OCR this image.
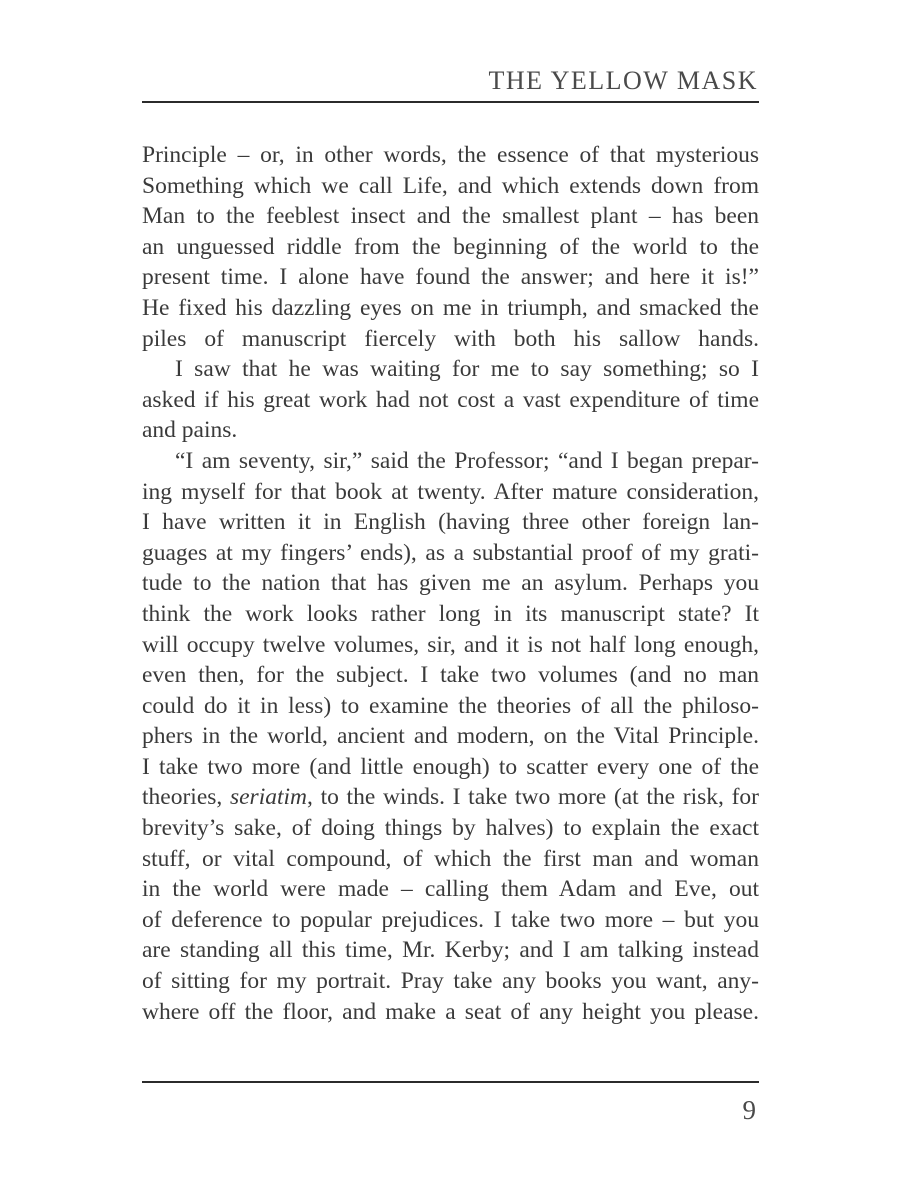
THE YELLOW MASK
Principle – or, in other words, the essence of that mysterious
Something which we call Life, and which extends down from
Man to the feeblest insect and the smallest plant – has been
an unguessed riddle from the beginning of the world to the
present time. I alone have found the answer; and here it is!”
He fixed his dazzling eyes on me in triumph, and smacked the
piles of manuscript fiercely with both his sallow hands.
I saw that he was waiting for me to say something; so I
asked if his great work had not cost a vast expenditure of time
and pains.
“I am seventy, sir,” said the Professor; “and I began prepar-
ing myself for that book at twenty. After mature consideration,
I have written it in English (having three other foreign lan-
guages at my fingers’ ends), as a substantial proof of my grati-
tude to the nation that has given me an asylum. Perhaps you
think the work looks rather long in its manuscript state? It
will occupy twelve volumes, sir, and it is not half long enough,
even then, for the subject. I take two volumes (and no man
could do it in less) to examine the theories of all the philoso-
phers in the world, ancient and modern, on the Vital Principle.
I take two more (and little enough) to scatter every one of the
theories, seriatim, to the winds. I take two more (at the risk, for
brevity’s sake, of doing things by halves) to explain the exact
stuff, or vital compound, of which the first man and woman
in the world were made – calling them Adam and Eve, out
of deference to popular prejudices. I take two more – but you
are standing all this time, Mr. Kerby; and I am talking instead
of sitting for my portrait. Pray take any books you want, any-
where off the floor, and make a seat of any height you please.
9
